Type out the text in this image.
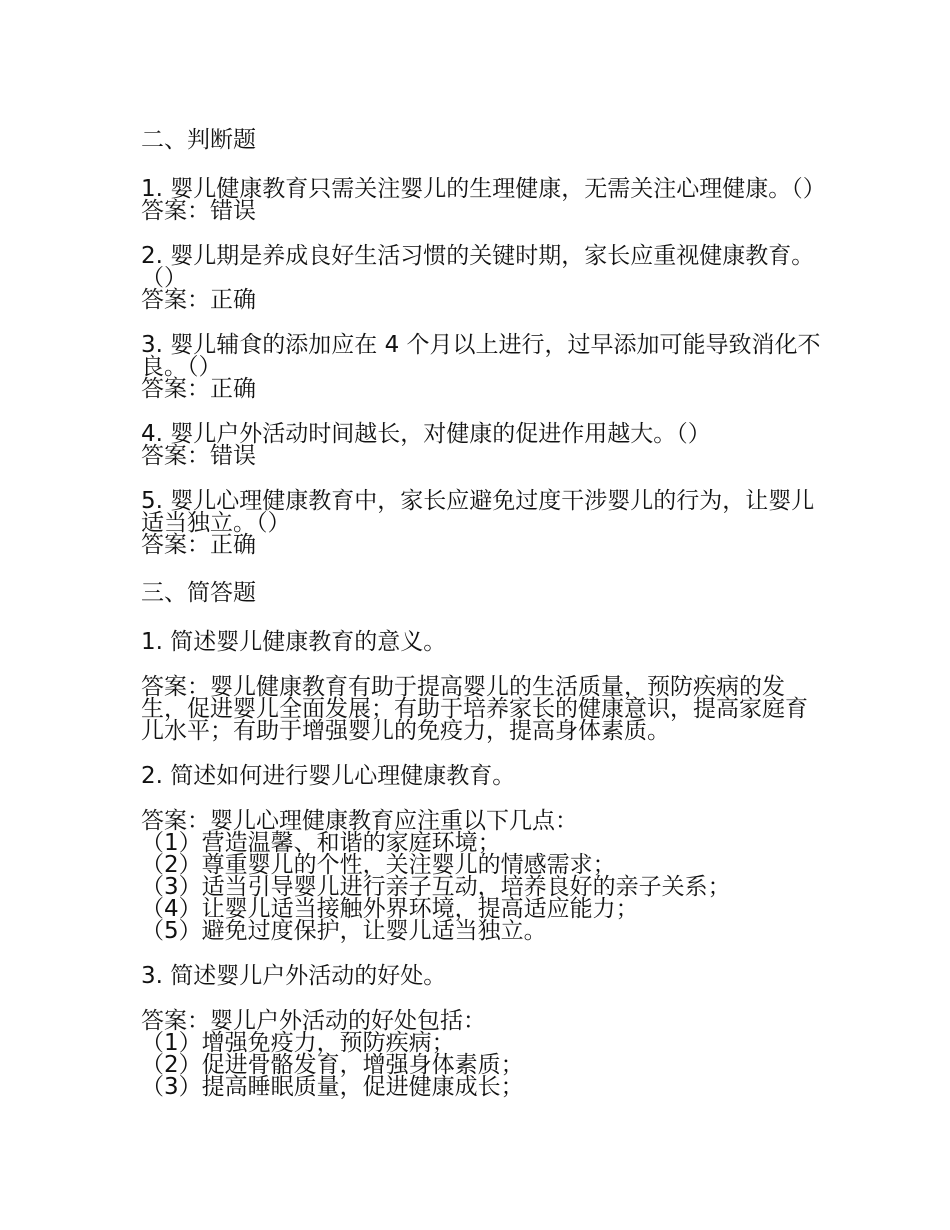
二、判断题
1. 婴儿健康教育只需关注婴儿的生理健康，无需关注心理健康。（）
答案：错误
2. 婴儿期是养成良好生活习惯的关键时期，家长应重视健康教育。（）
答案：正确
3. 婴儿辅食的添加应在 4 个月以上进行，过早添加可能导致消化不良。（）
答案：正确
4. 婴儿户外活动时间越长，对健康的促进作用越大。（）
答案：错误
5. 婴儿心理健康教育中，家长应避免过度干涉婴儿的行为，让婴儿适当独立。（）
答案：正确
三、简答题
1. 简述婴儿健康教育的意义。
答案：婴儿健康教育有助于提高婴儿的生活质量，预防疾病的发生，促进婴儿全面发展；有助于培养家长的健康意识，提高家庭育儿水平；有助于增强婴儿的免疫力，提高身体素质。
2. 简述如何进行婴儿心理健康教育。
答案：婴儿心理健康教育应注重以下几点：
（1）营造温馨、和谐的家庭环境；
（2）尊重婴儿的个性，关注婴儿的情感需求；
（3）适当引导婴儿进行亲子互动，培养良好的亲子关系；
（4）让婴儿适当接触外界环境，提高适应能力；
（5）避免过度保护，让婴儿适当独立。
3. 简述婴儿户外活动的好处。
答案：婴儿户外活动的好处包括：
（1）增强免疫力，预防疾病；
（2）促进骨骼发育，增强身体素质；
（3）提高睡眠质量，促进健康成长；
